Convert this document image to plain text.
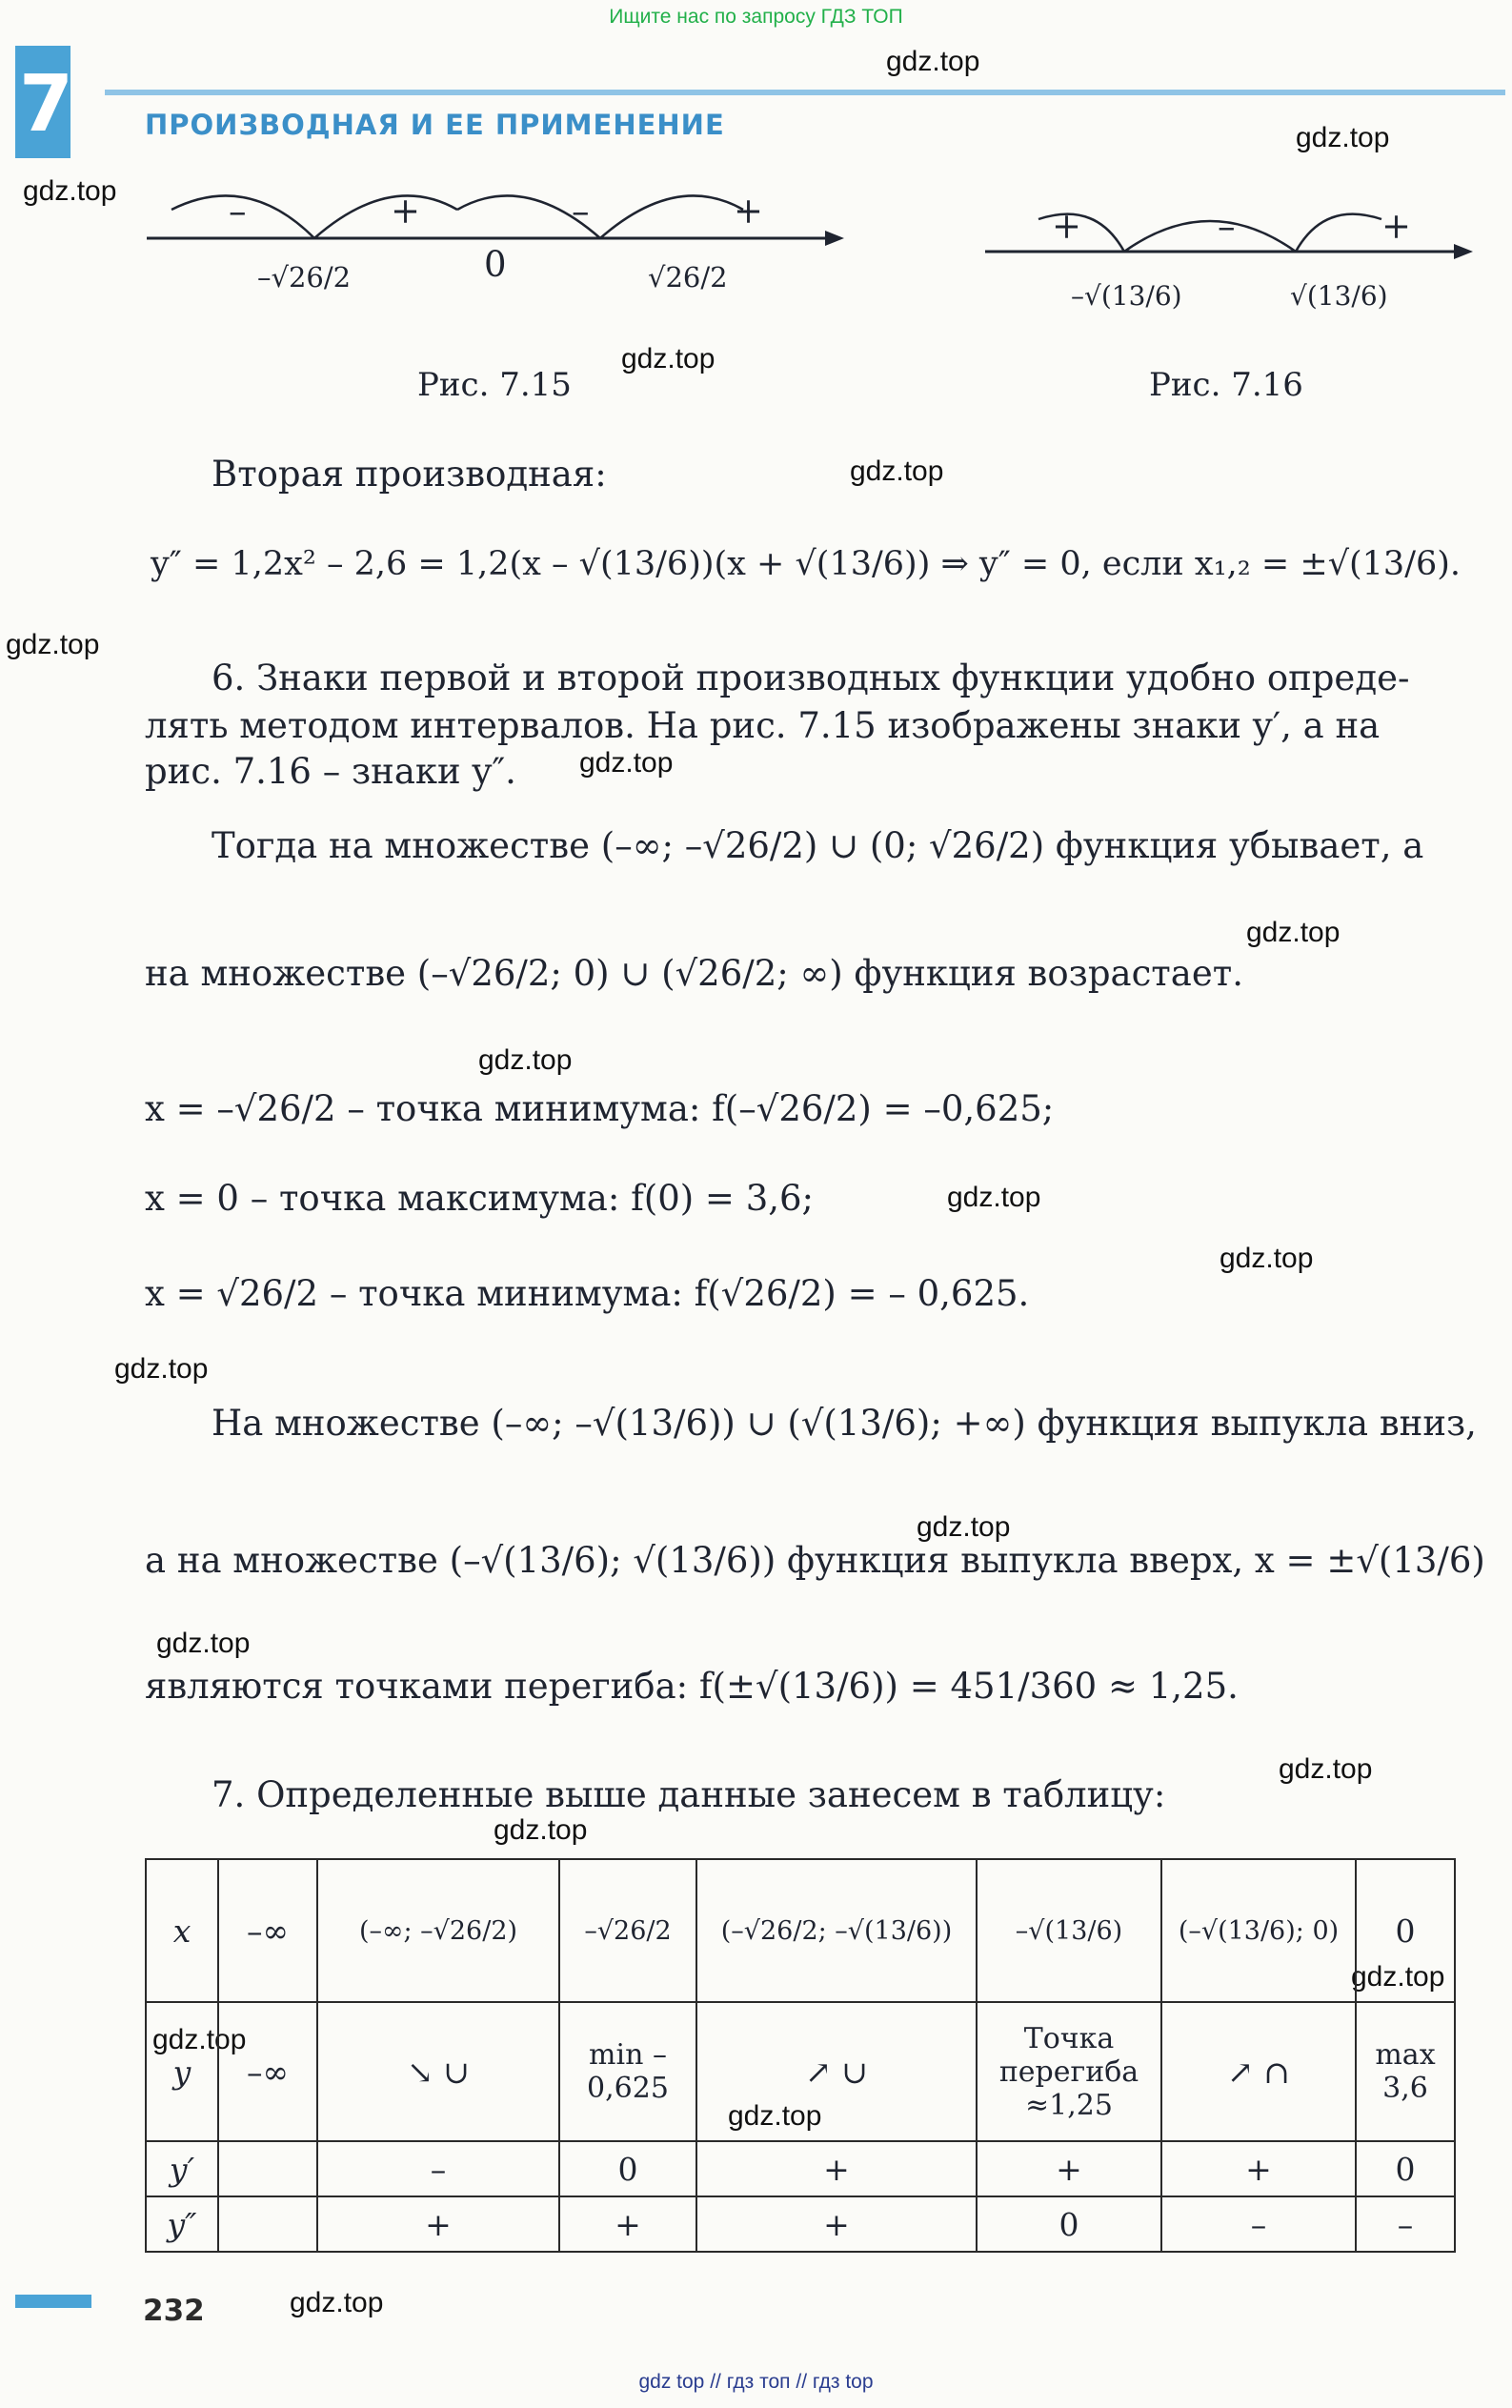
Ищите нас по запросу ГДЗ ТОП
7	ПРОИЗВОДНАЯ И ЕЕ ПРИМЕНЕНИЕ
gdz.top
gdz.top
gdz.top
gdz.top
gdz.top
gdz.top
gdz.top
gdz.top
gdz.top
gdz.top
gdz.top
gdz.top
gdz.top
gdz.top
gdz.top
gdz.top
gdz.top
gdz.top
gdz.top
gdz.top
–	+	–	+
0
–√26/2	√26/2
Рис. 7.15
+	–	+
–√(13/6)	√(13/6)
Рис. 7.16
Вторая производная:
y″ = 1,2x² – 2,6 = 1,2(x – √(13/6))(x + √(13/6)) ⇒ y″ = 0, если x₁,₂ = ±√(13/6).
6. Знаки первой и второй производных функции удобно опреде-
лять методом интервалов. На рис. 7.15 изображены знаки y′, а на
рис. 7.16 – знаки y″.
Тогда на множестве (–∞; –√26/2) ∪ (0; √26/2) функция убывает, а
на множестве (–√26/2; 0) ∪ (√26/2; ∞) функция возрастает.
x = –√26/2 – точка минимума: f(–√26/2) = –0,625;
x = 0 – точка максимума: f(0) = 3,6;
x = √26/2 – точка минимума: f(√26/2) = – 0,625.
На множестве (–∞; –√(13/6)) ∪ (√(13/6); +∞) функция выпукла вниз,
а на множестве (–√(13/6); √(13/6)) функция выпукла вверх, x = ±√(13/6)
являются точками перегиба: f(±√(13/6)) = 451/360 ≈ 1,25.
7. Определенные выше данные занесем в таблицу:
x	–∞	(–∞; –√26/2)	–√26/2	(–√26/2; –√(13/6))	–√(13/6)	(–√(13/6); 0)	0
y	–∞	↘ ∪	min –0,625	↗ ∪	Точка перегиба ≈1,25	↗ ∩	max 3,6
y′		–	0	+	+	+	0
y″		+	+	+	0	–	–
232
gdz top // гдз топ // гдз top
